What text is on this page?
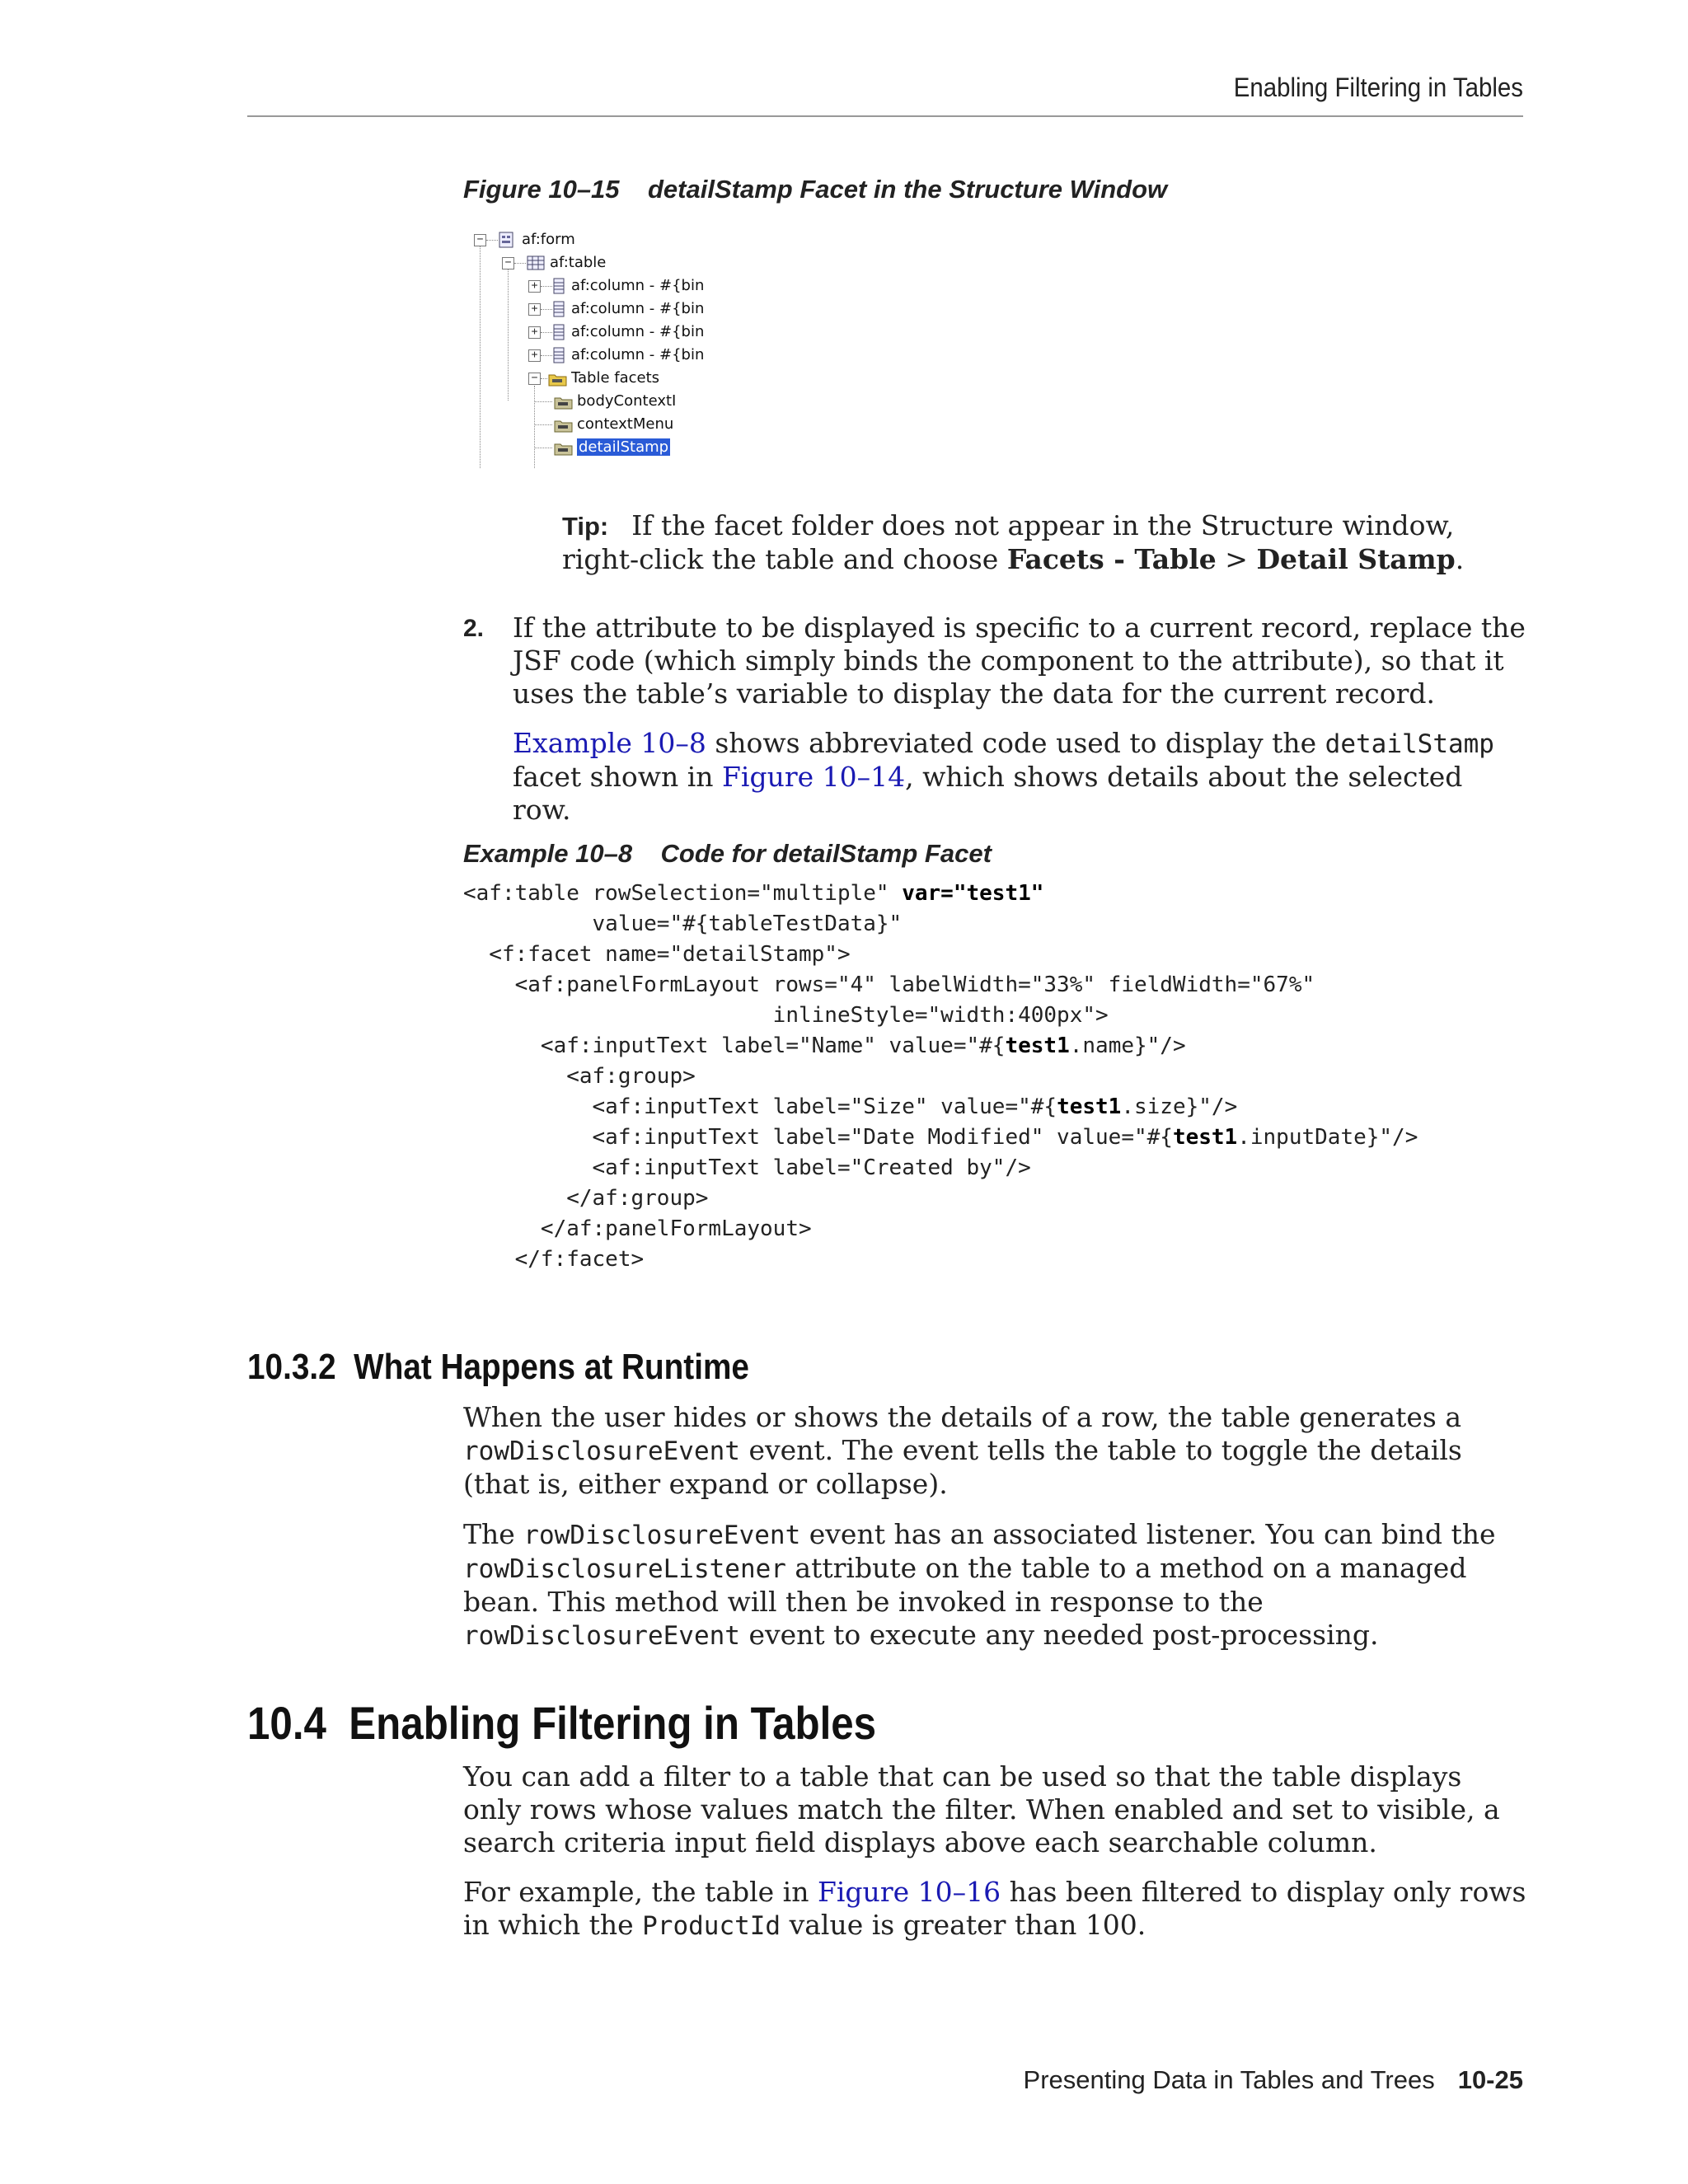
Enabling Filtering in Tables
Figure 10–15 detailStamp Facet in the Structure Window
−	af:form
−	af:table
+ af:column - #{bin
+ af:column - #{bin
+ af:column - #{bin
+ af:column - #{bin
− Table facets
bodyContextI
contextMenu
detailStamp
Tip: If the facet folder does not appear in the Structure window, right-click the table and choose Facets - Table > Detail Stamp.
2. If the attribute to be displayed is specific to a current record, replace the JSF code (which simply binds the component to the attribute), so that it uses the table’s variable to display the data for the current record.
Example 10–8 shows abbreviated code used to display the detailStamp facet shown in Figure 10–14, which shows details about the selected row.
Example 10–8 Code for detailStamp Facet
<af:table rowSelection="multiple" var="test1"
value="#{tableTestData}"
<f:facet name="detailStamp">
<af:panelFormLayout rows="4" labelWidth="33%" fieldWidth="67%"
inlineStyle="width:400px">
<af:inputText label="Name" value="#{test1.name}"/>
<af:group>
<af:inputText label="Size" value="#{test1.size}"/>
<af:inputText label="Date Modified" value="#{test1.inputDate}"/>
<af:inputText label="Created by"/>
</af:group>
</af:panelFormLayout>
</f:facet>
10.3.2 What Happens at Runtime
When the user hides or shows the details of a row, the table generates a rowDisclosureEvent event. The event tells the table to toggle the details (that is, either expand or collapse).
The rowDisclosureEvent event has an associated listener. You can bind the rowDisclosureListener attribute on the table to a method on a managed bean. This method will then be invoked in response to the rowDisclosureEvent event to execute any needed post-processing.
10.4 Enabling Filtering in Tables
You can add a filter to a table that can be used so that the table displays only rows whose values match the filter. When enabled and set to visible, a search criteria input field displays above each searchable column.
For example, the table in Figure 10–16 has been filtered to display only rows in which the ProductId value is greater than 100.
Presenting Data in Tables and Trees 10-25
